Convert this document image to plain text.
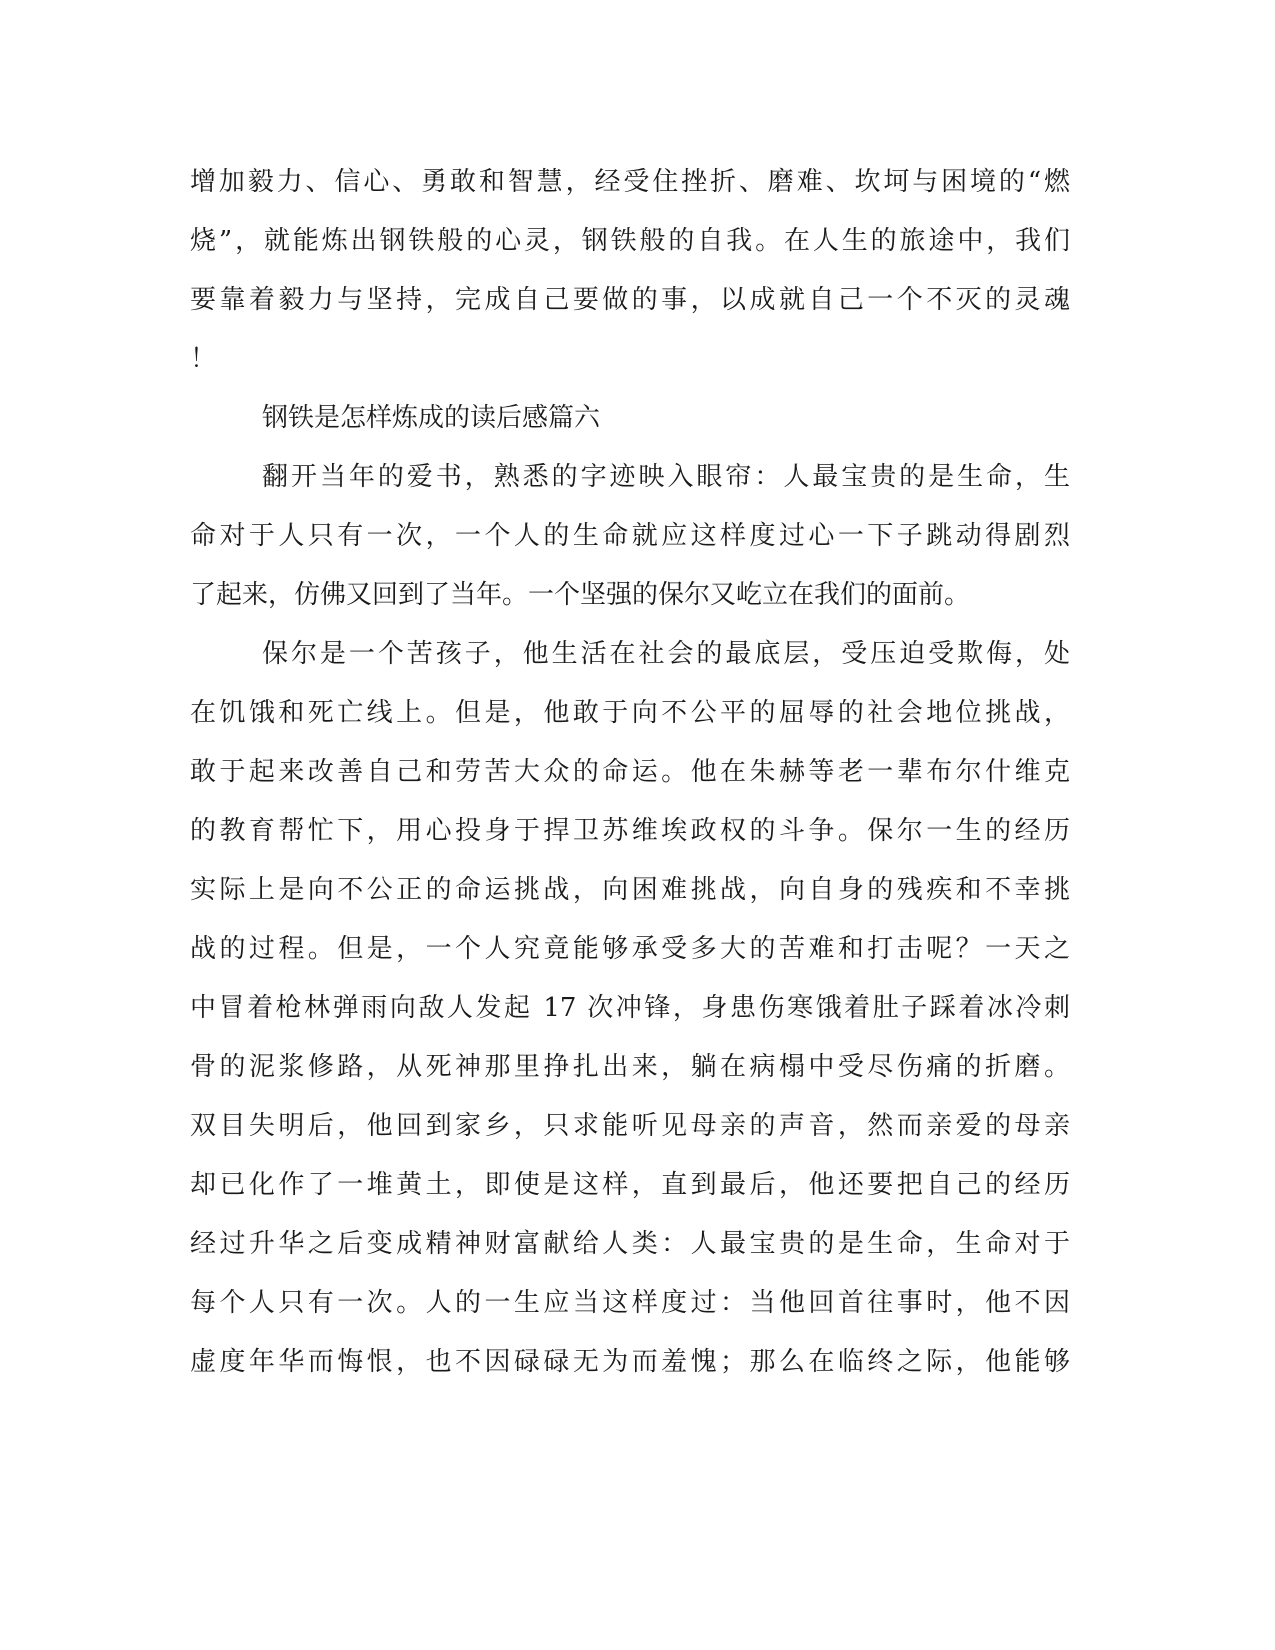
增加毅力、信心、勇敢和智慧，经受住挫折、磨难、坎坷与困境的“燃
烧”，就能炼出钢铁般的心灵，钢铁般的自我。在人生的旅途中，我们
要靠着毅力与坚持，完成自己要做的事，以成就自己一个不灭的灵魂
！
钢铁是怎样炼成的读后感篇六
翻开当年的爱书，熟悉的字迹映入眼帘：人最宝贵的是生命，生
命对于人只有一次，一个人的生命就应这样度过心一下子跳动得剧烈
了起来，仿佛又回到了当年。一个坚强的保尔又屹立在我们的面前。
保尔是一个苦孩子，他生活在社会的最底层，受压迫受欺侮，处
在饥饿和死亡线上。但是，他敢于向不公平的屈辱的社会地位挑战，
敢于起来改善自己和劳苦大众的命运。他在朱赫等老一辈布尔什维克
的教育帮忙下，用心投身于捍卫苏维埃政权的斗争。保尔一生的经历
实际上是向不公正的命运挑战，向困难挑战，向自身的残疾和不幸挑
战的过程。但是，一个人究竟能够承受多大的苦难和打击呢？一天之
中冒着枪林弹雨向敌人发起 17 次冲锋，身患伤寒饿着肚子踩着冰冷刺
骨的泥浆修路，从死神那里挣扎出来，躺在病榻中受尽伤痛的折磨。
双目失明后，他回到家乡，只求能听见母亲的声音，然而亲爱的母亲
却已化作了一堆黄土，即使是这样，直到最后，他还要把自己的经历
经过升华之后变成精神财富献给人类：人最宝贵的是生命，生命对于
每个人只有一次。人的一生应当这样度过：当他回首往事时，他不因
虚度年华而悔恨，也不因碌碌无为而羞愧；那么在临终之际，他能够
